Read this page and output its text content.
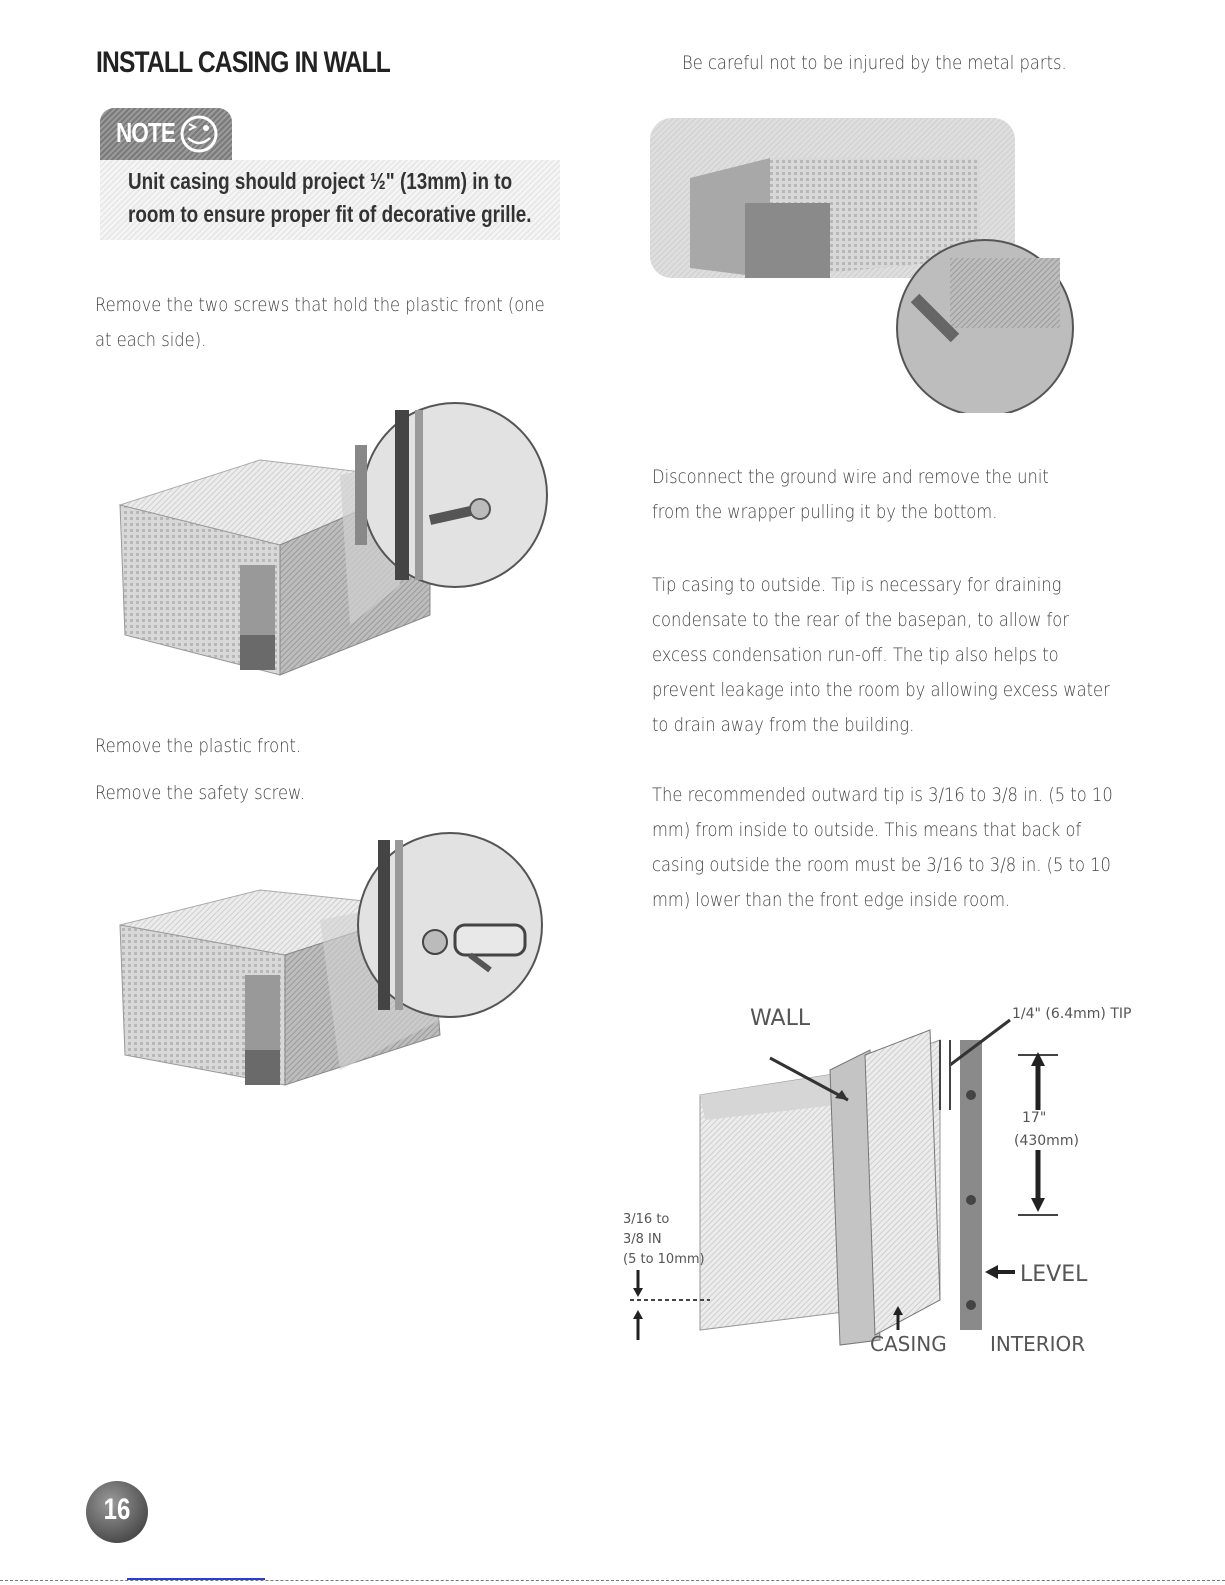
INSTALL CASING IN WALL
NOTE
Unit casing should project ½" (13mm) in to
room to ensure proper fit of decorative grille.
Remove the two screws that hold the plastic front (one
at each side).
Remove the plastic front.
Remove the safety screw.
Be careful not to be injured by the metal parts.
Disconnect the ground wire and remove the unit
from the wrapper pulling it by the bottom.
Tip casing to outside. Tip is necessary for draining
condensate to the rear of the basepan, to allow for
excess condensation run-off. The tip also helps to
prevent leakage into the room by allowing excess water
to drain away from the building.
The recommended outward tip is 3/16 to 3/8 in. (5 to 10
mm) from inside to outside. This means that back of
casing outside the room must be 3/16 to 3/8 in. (5 to 10
mm) lower than the front edge inside room.
WALL	1/4" (6.4mm) TIP
17"
(430mm)
3/16 to
3/8 IN
(5 to 10mm)
LEVEL
CASING INTERIOR
16
